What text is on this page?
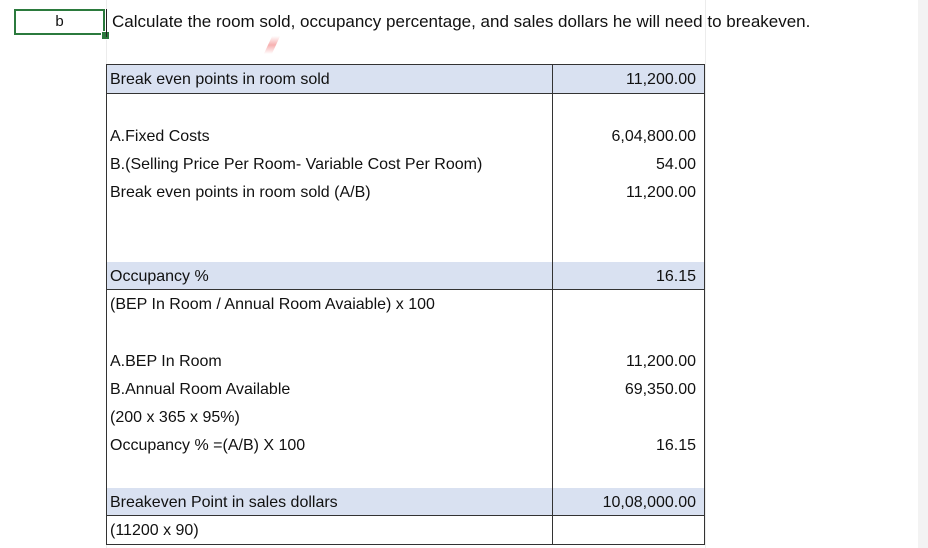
b	Calculate the room sold, occupancy percentage, and sales dollars he will need to breakeven.
Break even points in room sold	11,200.00
A.Fixed Costs	6,04,800.00
B.(Selling Price Per Room- Variable Cost Per Room)	54.00
Break even points in room sold (A/B)	11,200.00
Occupancy %	16.15
(BEP In Room / Annual Room Avaiable) x 100
A.BEP In Room	11,200.00
B.Annual Room Available	69,350.00
(200 x 365 x 95%)
Occupancy % =(A/B) X 100	16.15
Breakeven Point in sales dollars	10,08,000.00
(11200 x 90)
